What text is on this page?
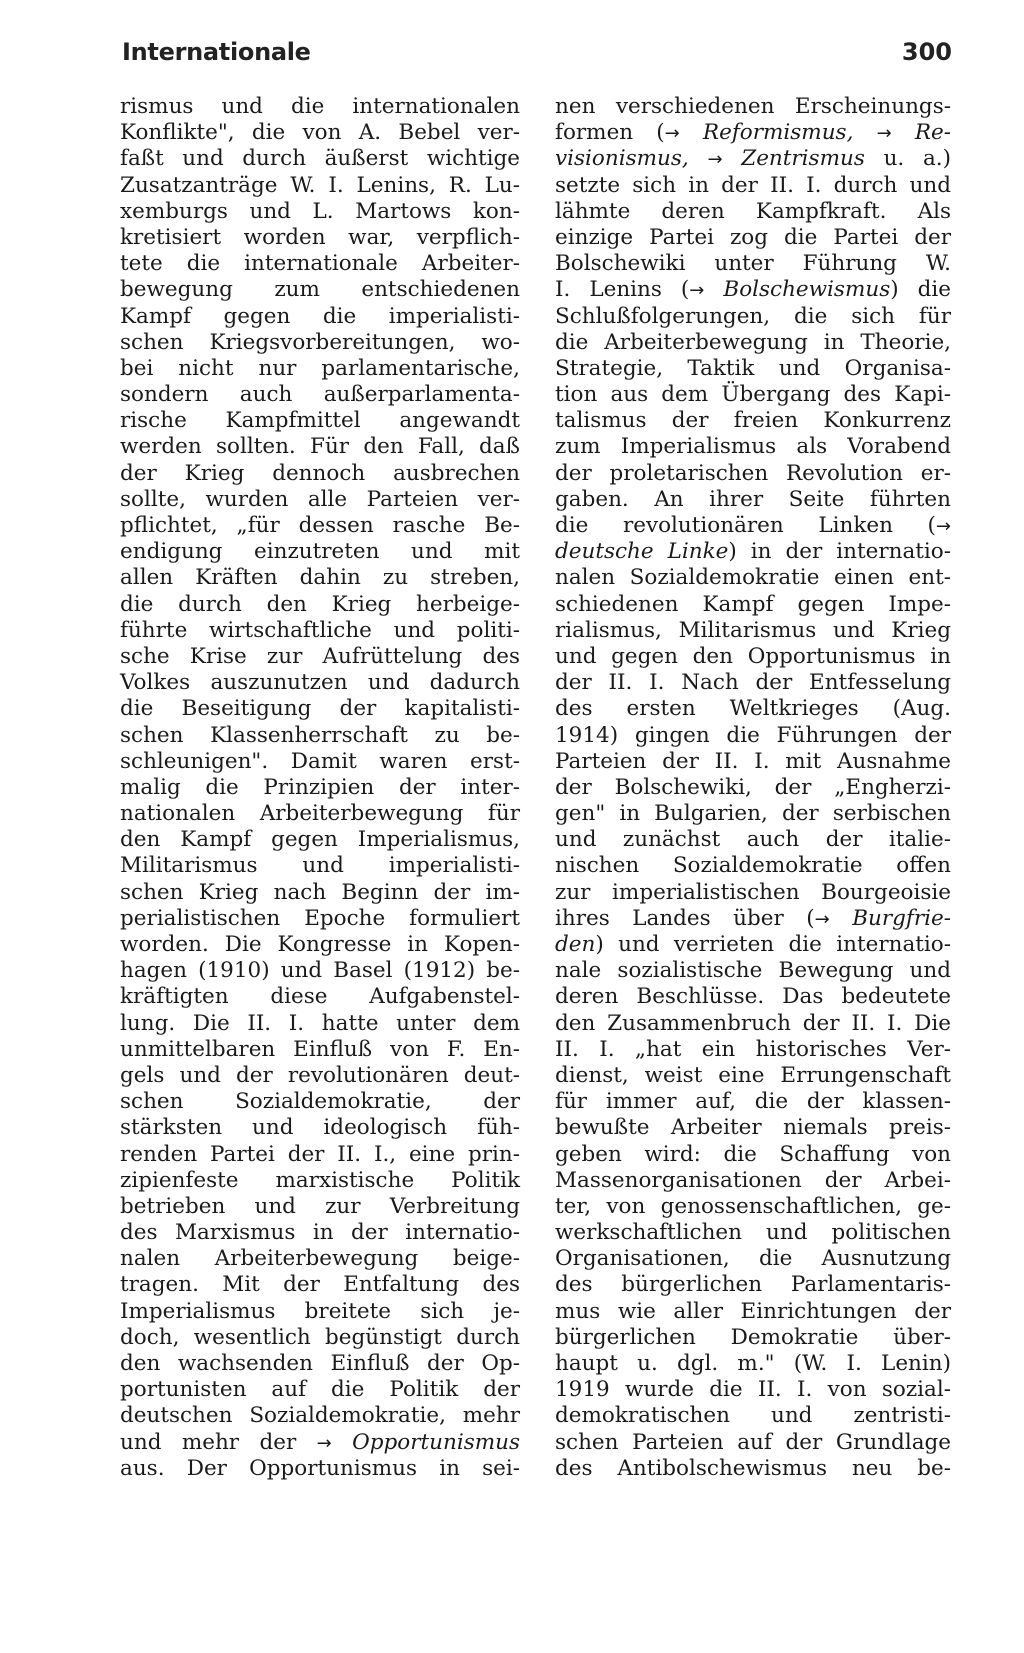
Internationale	300
rismus und die internationalen
Konflikte", die von A. Bebel ver-
faßt und durch äußerst wichtige
Zusatzanträge W. I. Lenins, R. Lu-
xemburgs und L. Martows kon-
kretisiert worden war, verpflich-
tete die internationale Arbeiter-
bewegung zum entschiedenen
Kampf gegen die imperialisti-
schen Kriegsvorbereitungen, wo-
bei nicht nur parlamentarische,
sondern auch außerparlamenta-
rische Kampfmittel angewandt
werden sollten. Für den Fall, daß
der Krieg dennoch ausbrechen
sollte, wurden alle Parteien ver-
pflichtet, „für dessen rasche Be-
endigung einzutreten und mit
allen Kräften dahin zu streben,
die durch den Krieg herbeige-
führte wirtschaftliche und politi-
sche Krise zur Aufrüttelung des
Volkes auszunutzen und dadurch
die Beseitigung der kapitalisti-
schen Klassenherrschaft zu be-
schleunigen". Damit waren erst-
malig die Prinzipien der inter-
nationalen Arbeiterbewegung für
den Kampf gegen Imperialismus,
Militarismus und imperialisti-
schen Krieg nach Beginn der im-
perialistischen Epoche formuliert
worden. Die Kongresse in Kopen-
hagen (1910) und Basel (1912) be-
kräftigten diese Aufgabenstel-
lung. Die II. I. hatte unter dem
unmittelbaren Einfluß von F. En-
gels und der revolutionären deut-
schen Sozialdemokratie, der
stärksten und ideologisch füh-
renden Partei der II. I., eine prin-
zipienfeste marxistische Politik
betrieben und zur Verbreitung
des Marxismus in der internatio-
nalen Arbeiterbewegung beige-
tragen. Mit der Entfaltung des
Imperialismus breitete sich je-
doch, wesentlich begünstigt durch
den wachsenden Einfluß der Op-
portunisten auf die Politik der
deutschen Sozialdemokratie, mehr
und mehr der → Opportunismus
aus. Der Opportunismus in sei-
nen verschiedenen Erscheinungs-
formen (→ Reformismus, → Re-
visionismus, → Zentrismus u. a.)
setzte sich in der II. I. durch und
lähmte deren Kampfkraft. Als
einzige Partei zog die Partei der
Bolschewiki unter Führung W.
I. Lenins (→ Bolschewismus) die
Schlußfolgerungen, die sich für
die Arbeiterbewegung in Theorie,
Strategie, Taktik und Organisa-
tion aus dem Übergang des Kapi-
talismus der freien Konkurrenz
zum Imperialismus als Vorabend
der proletarischen Revolution er-
gaben. An ihrer Seite führten
die revolutionären Linken (→
deutsche Linke) in der internatio-
nalen Sozialdemokratie einen ent-
schiedenen Kampf gegen Impe-
rialismus, Militarismus und Krieg
und gegen den Opportunismus in
der II. I. Nach der Entfesselung
des ersten Weltkrieges (Aug.
1914) gingen die Führungen der
Parteien der II. I. mit Ausnahme
der Bolschewiki, der „Engherzi-
gen" in Bulgarien, der serbischen
und zunächst auch der italie-
nischen Sozialdemokratie offen
zur imperialistischen Bourgeoisie
ihres Landes über (→ Burgfrie-
den) und verrieten die internatio-
nale sozialistische Bewegung und
deren Beschlüsse. Das bedeutete
den Zusammenbruch der II. I. Die
II. I. „hat ein historisches Ver-
dienst, weist eine Errungenschaft
für immer auf, die der klassen-
bewußte Arbeiter niemals preis-
geben wird: die Schaffung von
Massenorganisationen der Arbei-
ter, von genossenschaftlichen, ge-
werkschaftlichen und politischen
Organisationen, die Ausnutzung
des bürgerlichen Parlamentaris-
mus wie aller Einrichtungen der
bürgerlichen Demokratie über-
haupt u. dgl. m." (W. I. Lenin)
1919 wurde die II. I. von sozial-
demokratischen und zentristi-
schen Parteien auf der Grundlage
des Antibolschewismus neu be-
